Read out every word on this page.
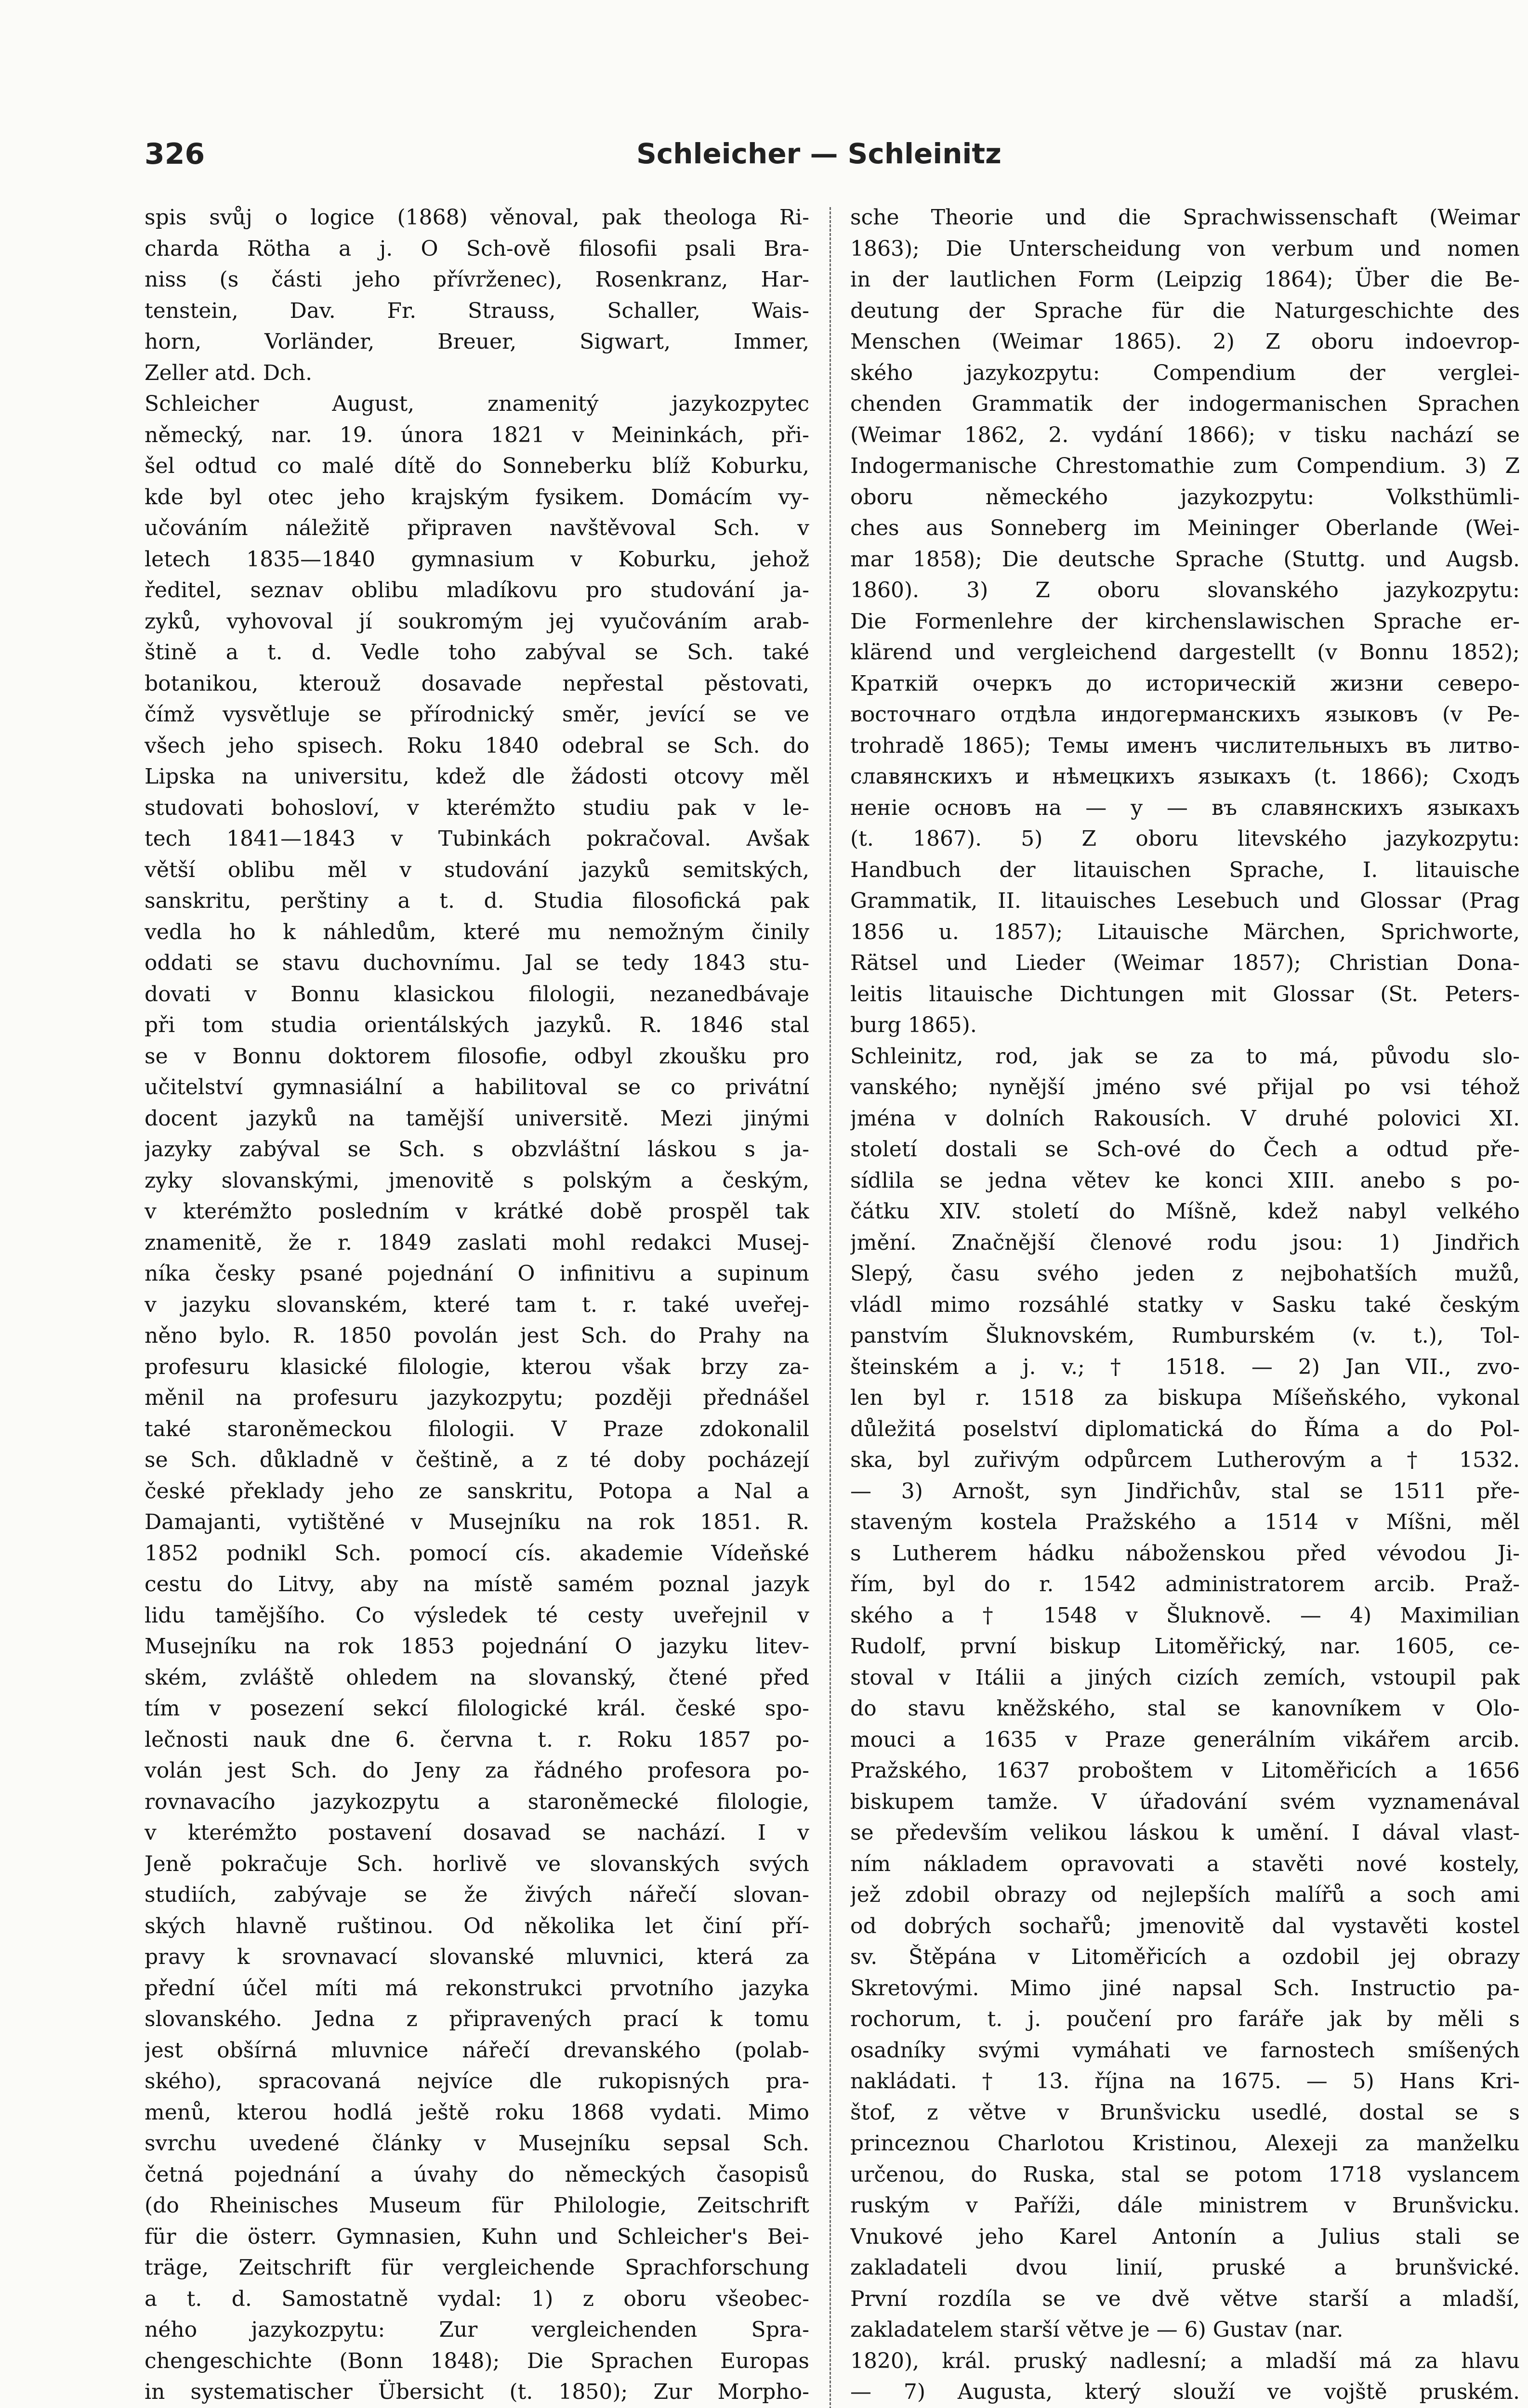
326	Schleicher — Schleinitz
spis svůj o logice (1868) věnoval, pak theologa Ri-
charda Rötha a j. O Sch-ově filosofii psali Bra-
niss (s části jeho přívrženec), Rosenkranz, Har-
tenstein, Dav. Fr. Strauss, Schaller, Wais-
horn, Vorländer, Breuer, Sigwart, Immer,
Zeller atd. Dch.
Schleicher August, znamenitý jazykozpytec
německý, nar. 19. února 1821 v Meininkách, při-
šel odtud co malé dítě do Sonneberku blíž Koburku,
kde byl otec jeho krajským fysikem. Domácím vy-
učováním náležitě připraven navštěvoval Sch. v
letech 1835—1840 gymnasium v Koburku, jehož
ředitel, seznav oblibu mladíkovu pro studování ja-
zyků, vyhovoval jí soukromým jej vyučováním arab-
štině a t. d. Vedle toho zabýval se Sch. také
botanikou, kterouž dosavade nepřestal pěstovati,
čímž vysvětluje se přírodnický směr, jevící se ve
všech jeho spisech. Roku 1840 odebral se Sch. do
Lipska na universitu, kdež dle žádosti otcovy měl
studovati bohosloví, v kterémžto studiu pak v le-
tech 1841—1843 v Tubinkách pokračoval. Avšak
větší oblibu měl v studování jazyků semitských,
sanskritu, perštiny a t. d. Studia filosofická pak
vedla ho k náhledům, které mu nemožným činily
oddati se stavu duchovnímu. Jal se tedy 1843 stu-
dovati v Bonnu klasickou filologii, nezanedbávaje
při tom studia orientálských jazyků. R. 1846 stal
se v Bonnu doktorem filosofie, odbyl zkoušku pro
učitelství gymnasiální a habilitoval se co privátní
docent jazyků na tamější universitě. Mezi jinými
jazyky zabýval se Sch. s obzvláštní láskou s ja-
zyky slovanskými, jmenovitě s polským a českým,
v kterémžto posledním v krátké době prospěl tak
znamenitě, že r. 1849 zaslati mohl redakci Musej-
níka česky psané pojednání O infinitivu a supinum
v jazyku slovanském, které tam t. r. také uveřej-
něno bylo. R. 1850 povolán jest Sch. do Prahy na
profesuru klasické filologie, kterou však brzy za-
měnil na profesuru jazykozpytu; později přednášel
také staroněmeckou filologii. V Praze zdokonalil
se Sch. důkladně v češtině, a z té doby pocházejí
české překlady jeho ze sanskritu, Potopa a Nal a
Damajanti, vytištěné v Musejníku na rok 1851. R.
1852 podnikl Sch. pomocí cís. akademie Vídeňské
cestu do Litvy, aby na místě samém poznal jazyk
lidu tamějšího. Co výsledek té cesty uveřejnil v
Musejníku na rok 1853 pojednání O jazyku litev-
ském, zvláště ohledem na slovanský, čtené před
tím v posezení sekcí filologické král. české spo-
lečnosti nauk dne 6. června t. r. Roku 1857 po-
volán jest Sch. do Jeny za řádného profesora po-
rovnavacího jazykozpytu a staroněmecké filologie,
v kterémžto postavení dosavad se nachází. I v
Jeně pokračuje Sch. horlivě ve slovanských svých
studiích, zabývaje se že živých nářečí slovan-
ských hlavně ruštinou. Od několika let činí pří-
pravy k srovnavací slovanské mluvnici, která za
přední účel míti má rekonstrukci prvotního jazyka
slovanského. Jedna z připravených prací k tomu
jest obšírná mluvnice nářečí drevanského (polab-
ského), spracovaná nejvíce dle rukopisných pra-
menů, kterou hodlá ještě roku 1868 vydati. Mimo
svrchu uvedené články v Musejníku sepsal Sch.
četná pojednání a úvahy do německých časopisů
(do Rheinisches Museum für Philologie, Zeitschrift
für die österr. Gymnasien, Kuhn und Schleicher's Bei-
träge, Zeitschrift für vergleichende Sprachforschung
a t. d. Samostatně vydal: 1) z oboru všeobec-
ného jazykozpytu: Zur vergleichenden Spra-
chengeschichte (Bonn 1848); Die Sprachen Europas
in systematischer Übersicht (t. 1850); Zur Morpho-
sche Theorie und die Sprachwissenschaft (Weimar
1863); Die Unterscheidung von verbum und nomen
in der lautlichen Form (Leipzig 1864); Über die Be-
deutung der Sprache für die Naturgeschichte des
Menschen (Weimar 1865). 2) Z oboru indoevrop-
ského jazykozpytu: Compendium der verglei-
chenden Grammatik der indogermanischen Sprachen
(Weimar 1862, 2. vydání 1866); v tisku nachází se
Indogermanische Chrestomathie zum Compendium. 3) Z
oboru německého jazykozpytu: Volksthümli-
ches aus Sonneberg im Meininger Oberlande (Wei-
mar 1858); Die deutsche Sprache (Stuttg. und Augsb.
1860). 3) Z oboru slovanského jazykozpytu:
Die Formenlehre der kirchenslawischen Sprache er-
klärend und vergleichend dargestellt (v Bonnu 1852);
Краткій очеркъ до историческій жизни северо-
восточнаго отдѣла индогерманскихъ языковъ (v Pe-
trohradě 1865); Темы именъ числительныхъ въ литво-
славянскихъ и нѣмецкихъ языкахъ (t. 1866); Сходъ
неніе основъ на — у — въ славянскихъ языкахъ
(t. 1867). 5) Z oboru litevského jazykozpytu:
Handbuch der litauischen Sprache, I. litauische
Grammatik, II. litauisches Lesebuch und Glossar (Prag
1856 u. 1857); Litauische Märchen, Sprichworte,
Rätsel und Lieder (Weimar 1857); Christian Dona-
leitis litauische Dichtungen mit Glossar (St. Peters-
burg 1865).
Schleinitz, rod, jak se za to má, původu slo-
vanského; nynější jméno své přijal po vsi téhož
jména v dolních Rakousích. V druhé polovici XI.
století dostali se Sch-ové do Čech a odtud pře-
sídlila se jedna větev ke konci XIII. anebo s po-
čátku XIV. století do Míšně, kdež nabyl velkého
jmění. Značnější členové rodu jsou: 1) Jindřich
Slepý, času svého jeden z nejbohatších mužů,
vládl mimo rozsáhlé statky v Sasku také českým
panstvím Šluknovském, Rumburském (v. t.), Tol-
šteinském a j. v.; † 1518. — 2) Jan VII., zvo-
len byl r. 1518 za biskupa Míšeňského, vykonal
důležitá poselství diplomatická do Říma a do Pol-
ska, byl zuřivým odpůrcem Lutherovým a † 1532.
— 3) Arnošt, syn Jindřichův, stal se 1511 pře-
staveným kostela Pražského a 1514 v Míšni, měl
s Lutherem hádku náboženskou před vévodou Ji-
řím, byl do r. 1542 administratorem arcib. Praž-
ského a † 1548 v Šluknově. — 4) Maximilian
Rudolf, první biskup Litoměřický, nar. 1605, ce-
stoval v Itálii a jiných cizích zemích, vstoupil pak
do stavu kněžského, stal se kanovníkem v Olo-
mouci a 1635 v Praze generálním vikářem arcib.
Pražského, 1637 proboštem v Litoměřicích a 1656
biskupem tamže. V úřadování svém vyznamenával
se především velikou láskou k umění. I dával vlast-
ním nákladem opravovati a stavěti nové kostely,
jež zdobil obrazy od nejlepších malířů a soch ami
od dobrých sochařů; jmenovitě dal vystavěti kostel
sv. Štěpána v Litoměřicích a ozdobil jej obrazy
Skretovými. Mimo jiné napsal Sch. Instructio pa-
rochorum, t. j. poučení pro faráře jak by měli s
osadníky svými vymáhati ve farnostech smíšených
nakládati. † 13. října na 1675. — 5) Hans Kri-
štof, z větve v Brunšvicku usedlé, dostal se s
princeznou Charlotou Kristinou, Alexeji za manželku
určenou, do Ruska, stal se potom 1718 vyslancem
ruským v Paříži, dále ministrem v Brunšvicku.
Vnukové jeho Karel Antonín a Julius stali se
zakladateli dvou linií, pruské a brunšvické.
První rozdíla se ve dvě větve starší a mladší,
zakladatelem starší větve je — 6) Gustav (nar.
1820), král. pruský nadlesní; a mladší má za hlavu
— 7) Augusta, který slouží ve vojště pruském.
